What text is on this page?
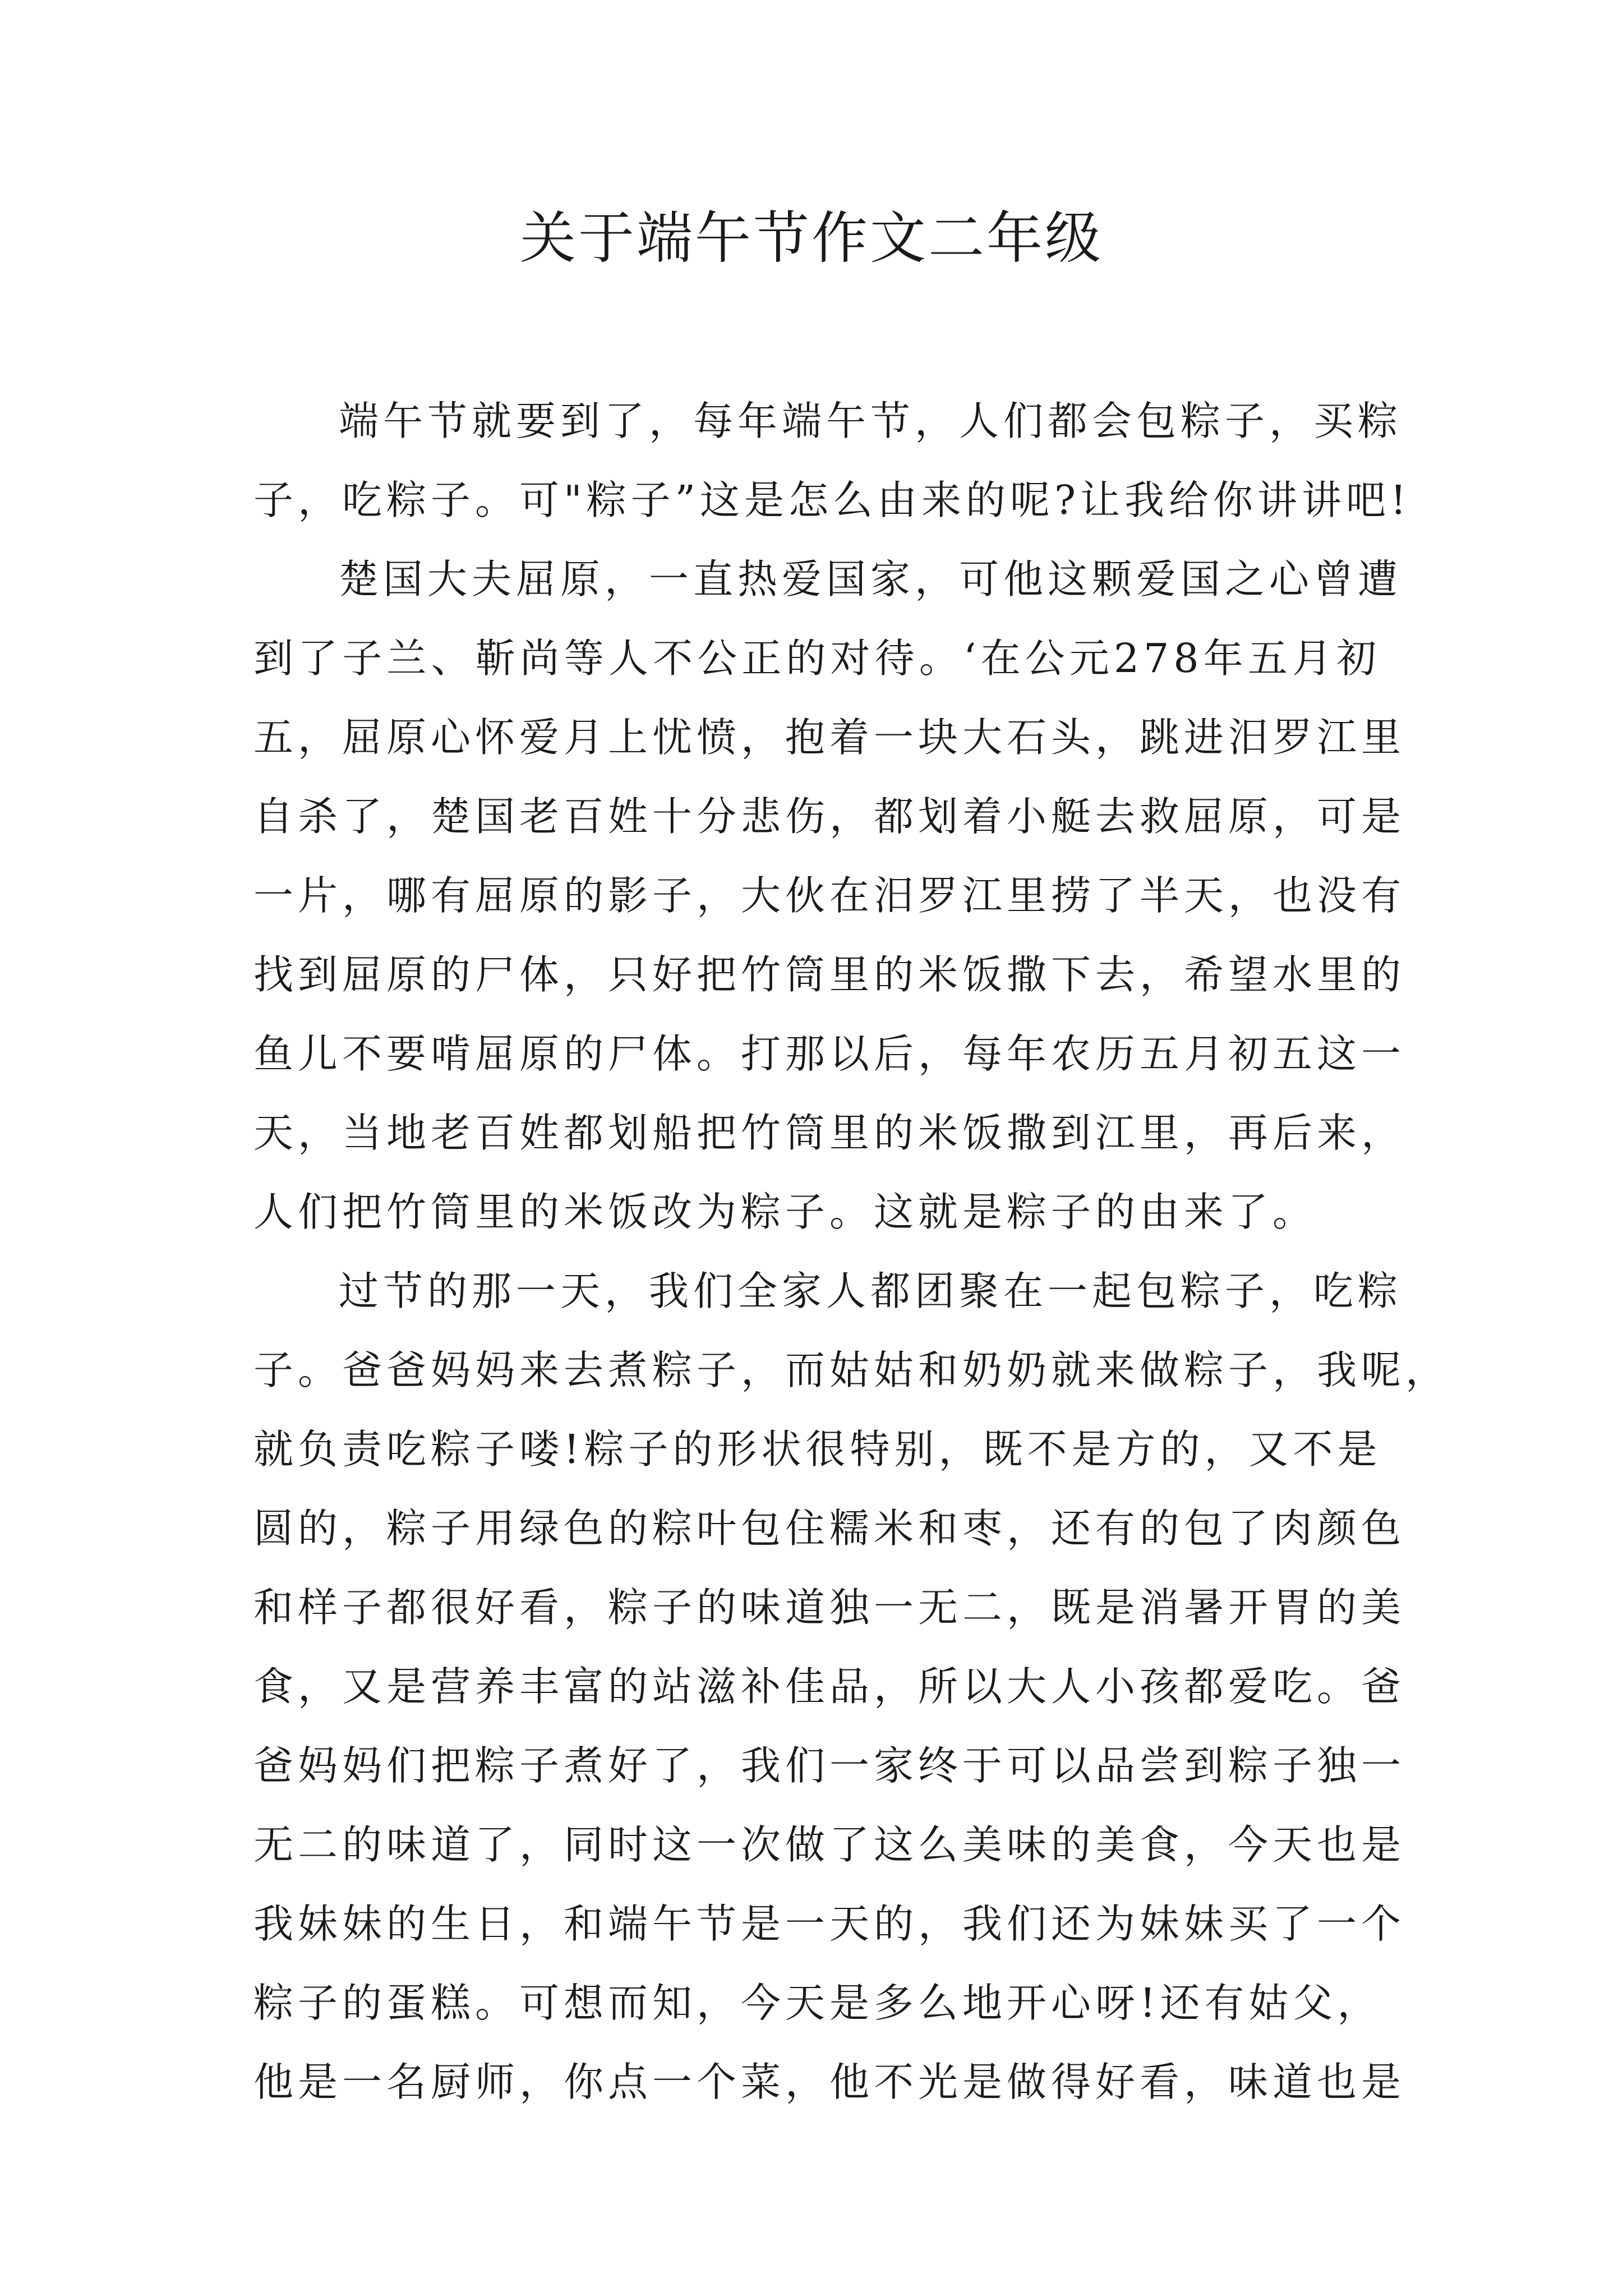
关于端午节作文二年级
端午节就要到了，每年端午节，人们都会包粽子，买粽
子，吃粽子。可"粽子”这是怎么由来的呢?让我给你讲讲吧!
楚国大夫屈原，一直热爱国家，可他这颗爱国之心曾遭
到了子兰、靳尚等人不公正的对待。‘在公元278年五月初
五，屈原心怀爱月上忧愤，抱着一块大石头，跳进汨罗江里
自杀了，楚国老百姓十分悲伤，都划着小艇去救屈原，可是
一片，哪有屈原的影子，大伙在汨罗江里捞了半天，也没有
找到屈原的尸体，只好把竹筒里的米饭撒下去，希望水里的
鱼儿不要啃屈原的尸体。打那以后，每年农历五月初五这一
天，当地老百姓都划船把竹筒里的米饭撒到江里，再后来，
人们把竹筒里的米饭改为粽子。这就是粽子的由来了。
过节的那一天，我们全家人都团聚在一起包粽子，吃粽
子。爸爸妈妈来去煮粽子，而姑姑和奶奶就来做粽子，我呢，
就负责吃粽子喽!粽子的形状很特别，既不是方的，又不是
圆的，粽子用绿色的粽叶包住糯米和枣，还有的包了肉颜色
和样子都很好看，粽子的味道独一无二，既是消暑开胃的美
食，又是营养丰富的站滋补佳品，所以大人小孩都爱吃。爸
爸妈妈们把粽子煮好了，我们一家终于可以品尝到粽子独一
无二的味道了，同时这一次做了这么美味的美食，今天也是
我妹妹的生日，和端午节是一天的，我们还为妹妹买了一个
粽子的蛋糕。可想而知，今天是多么地开心呀!还有姑父，
他是一名厨师，你点一个菜，他不光是做得好看，味道也是
